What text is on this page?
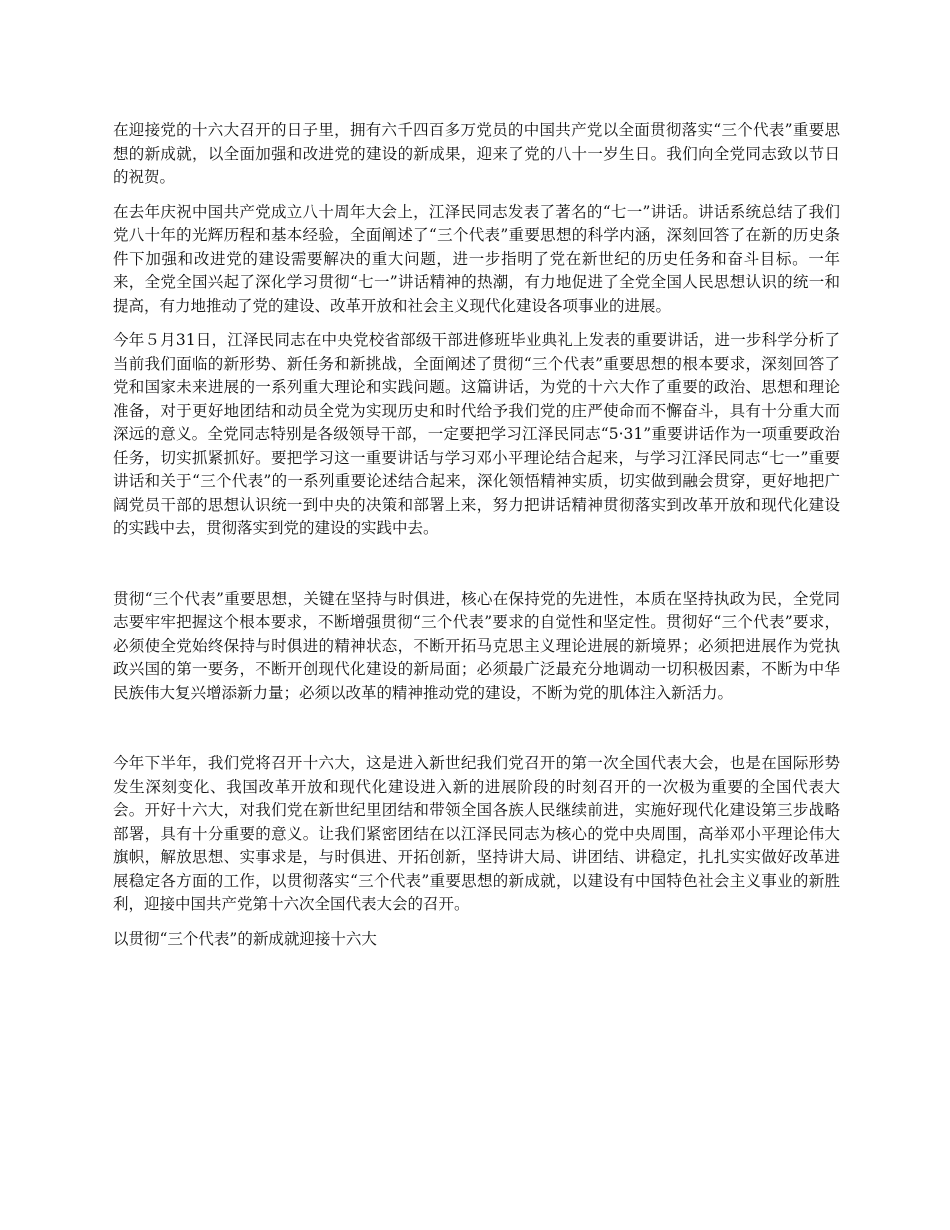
在迎接党的十六大召开的日子里，拥有六千四百多万党员的中国共产党以全面贯彻落实“三个代表”重要思想的新成就，以全面加强和改进党的建设的新成果，迎来了党的八十一岁生日。我们向全党同志致以节日的祝贺。

在去年庆祝中国共产党成立八十周年大会上，江泽民同志发表了著名的“七一”讲话。讲话系统总结了我们党八十年的光辉历程和基本经验，全面阐述了“三个代表”重要思想的科学内涵，深刻回答了在新的历史条件下加强和改进党的建设需要解决的重大问题，进一步指明了党在新世纪的历史任务和奋斗目标。一年来，全党全国兴起了深化学习贯彻“七一”讲话精神的热潮，有力地促进了全党全国人民思想认识的统一和提高，有力地推动了党的建设、改革开放和社会主义现代化建设各项事业的进展。

今年５月31日，江泽民同志在中央党校省部级干部进修班毕业典礼上发表的重要讲话，进一步科学分析了当前我们面临的新形势、新任务和新挑战，全面阐述了贯彻“三个代表”重要思想的根本要求，深刻回答了党和国家未来进展的一系列重大理论和实践问题。这篇讲话，为党的十六大作了重要的政治、思想和理论准备，对于更好地团结和动员全党为实现历史和时代给予我们党的庄严使命而不懈奋斗，具有十分重大而深远的意义。全党同志特别是各级领导干部，一定要把学习江泽民同志“5·31”重要讲话作为一项重要政治任务，切实抓紧抓好。要把学习这一重要讲话与学习邓小平理论结合起来，与学习江泽民同志“七一”重要讲话和关于“三个代表”的一系列重要论述结合起来，深化领悟精神实质，切实做到融会贯穿，更好地把广阔党员干部的思想认识统一到中央的决策和部署上来，努力把讲话精神贯彻落实到改革开放和现代化建设的实践中去，贯彻落实到党的建设的实践中去。

贯彻“三个代表”重要思想，关键在坚持与时俱进，核心在保持党的先进性，本质在坚持执政为民，全党同志要牢牢把握这个根本要求，不断增强贯彻“三个代表”要求的自觉性和坚定性。贯彻好“三个代表”要求，必须使全党始终保持与时俱进的精神状态，不断开拓马克思主义理论进展的新境界；必须把进展作为党执政兴国的第一要务，不断开创现代化建设的新局面；必须最广泛最充分地调动一切积极因素，不断为中华民族伟大复兴增添新力量；必须以改革的精神推动党的建设，不断为党的肌体注入新活力。

今年下半年，我们党将召开十六大，这是进入新世纪我们党召开的第一次全国代表大会，也是在国际形势发生深刻变化、我国改革开放和现代化建设进入新的进展阶段的时刻召开的一次极为重要的全国代表大会。开好十六大，对我们党在新世纪里团结和带领全国各族人民继续前进，实施好现代化建设第三步战略部署，具有十分重要的意义。让我们紧密团结在以江泽民同志为核心的党中央周围，高举邓小平理论伟大旗帜，解放思想、实事求是，与时俱进、开拓创新，坚持讲大局、讲团结、讲稳定，扎扎实实做好改革进展稳定各方面的工作，以贯彻落实“三个代表”重要思想的新成就，以建设有中国特色社会主义事业的新胜利，迎接中国共产党第十六次全国代表大会的召开。

以贯彻“三个代表”的新成就迎接十六大
